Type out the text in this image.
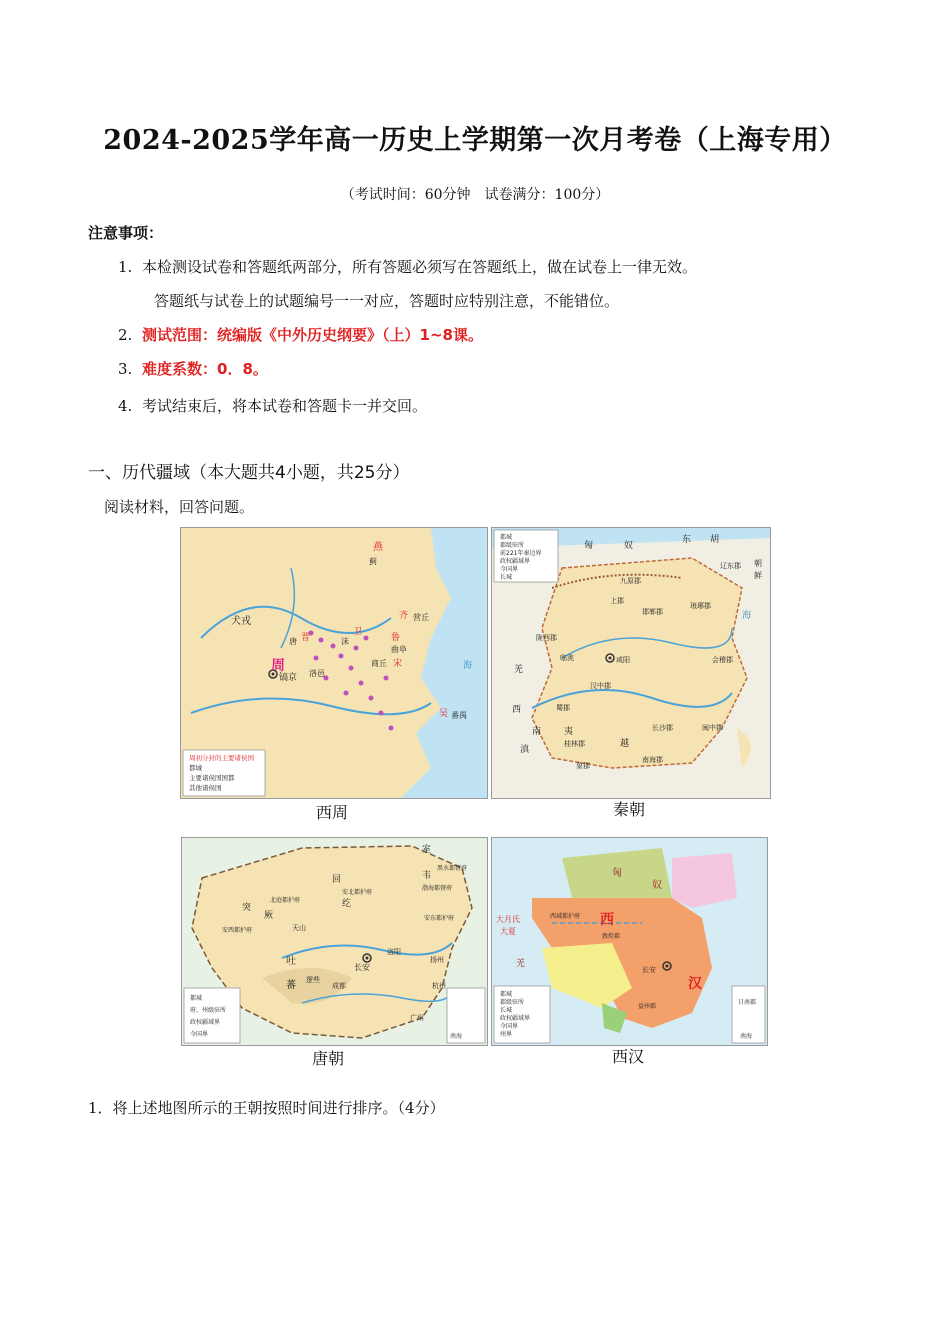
2024-2025学年高一历史上学期第一次月考卷（上海专用）
（考试时间：60分钟　试卷满分：100分）
注意事项：
1. 本检测设试卷和答题纸两部分，所有答题必须写在答题纸上，做在试卷上一律无效。
答题纸与试卷上的试题编号一一对应，答题时应特别注意，不能错位。
2. 测试范围：统编版《中外历史纲要》（上）1~8课。
3. 难度系数：0．8。
4. 考试结束后，将本试卷和答题卡一并交回。
一、历代疆域（本大题共4小题，共25分）
阅读材料，回答问题。
周
镐京
燕
蓟
犬戎
洛邑
晋
唐
卫
沫
齐 营丘
鲁
曲阜
宋
商丘
吴 番禺
海
周初分封的主要诸侯国
都城
主要诸侯国国都
其他诸侯国
西周
都城
郡级驻所
前221年秦边界
政权疆域界
今国界
长城
匈	奴
东 胡
九原郡
上郡
辽东郡 朝
鲜
陇西郡
临洮	咸阳
汉中郡
蜀郡
邯郸郡
琅琊郡
会稽郡
长沙郡
南海郡
闽中郡
桂林郡
象郡
羌
西
南	夷
滇
海
越
秦朝
都城
府、州级驻所
政权疆域界
今国界	南海
室
韦
回
纥
突
厥
黑水都督府
渤海都督府
安北都护府
北庭都护府
安西都护府
安东都护府
吐
蕃 逻些
长安
洛阳
扬州
成都
广州
杭州
天山
唐朝
都城
郡级驻所
长城
政权疆域界
今国界
州界
匈
奴
西
汉
大月氏
大夏
西域都护府
敦煌郡
长安
益州郡
日南郡
羌
南海
西汉
1．将上述地图所示的王朝按照时间进行排序。（4分）
